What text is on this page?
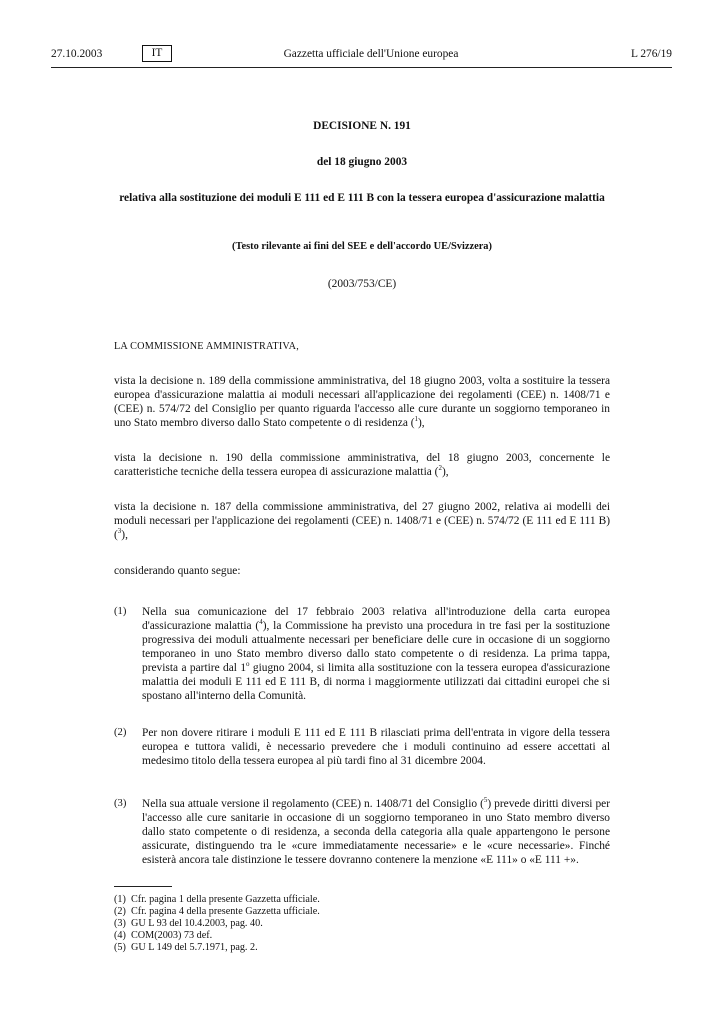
27.10.2003	IT	Gazzetta ufficiale dell'Unione europea	L 276/19
DECISIONE N. 191
del 18 giugno 2003
relativa alla sostituzione dei moduli E 111 ed E 111 B con la tessera europea d'assicurazione malattia
(Testo rilevante ai fini del SEE e dell'accordo UE/Svizzera)
(2003/753/CE)
LA COMMISSIONE AMMINISTRATIVA,
vista la decisione n. 189 della commissione amministrativa, del 18 giugno 2003, volta a sostituire la tessera europea d'assicurazione malattia ai moduli necessari all'applicazione dei regolamenti (CEE) n. 1408/71 e (CEE) n. 574/72 del Consiglio per quanto riguarda l'accesso alle cure durante un soggiorno temporaneo in uno Stato membro diverso dallo Stato competente o di residenza ($^1$),
vista la decisione n. 190 della commissione amministrativa, del 18 giugno 2003, concernente le caratteristiche tecniche della tessera europea di assicurazione malattia ($^2$),
vista la decisione n. 187 della commissione amministrativa, del 27 giugno 2002, relativa ai modelli dei moduli necessari per l'applicazione dei regolamenti (CEE) n. 1408/71 e (CEE) n. 574/72 (E 111 ed E 111 B) ($^3$),
considerando quanto segue:
(1) Nella sua comunicazione del 17 febbraio 2003 relativa all'introduzione della carta europea d'assicurazione malattia ($^4$), la Commissione ha previsto una procedura in tre fasi per la sostituzione progressiva dei moduli attualmente necessari per beneficiare delle cure in occasione di un soggiorno temporaneo in uno Stato membro diverso dallo stato competente o di residenza. La prima tappa, prevista a partire dal 1$^o$ giugno 2004, si limita alla sostituzione con la tessera europea d'assicurazione malattia dei moduli E 111 ed E 111 B, di norma i maggiormente utilizzati dai cittadini europei che si spostano all'interno della Comunità.
(2) Per non dovere ritirare i moduli E 111 ed E 111 B rilasciati prima dell'entrata in vigore della tessera europea e tuttora validi, è necessario prevedere che i moduli continuino ad essere accettati al medesimo titolo della tessera europea al più tardi fino al 31 dicembre 2004.
(3) Nella sua attuale versione il regolamento (CEE) n. 1408/71 del Consiglio ($^5$) prevede diritti diversi per l'accesso alle cure sanitarie in occasione di un soggiorno temporaneo in uno Stato membro diverso dallo stato competente o di residenza, a seconda della categoria alla quale appartengono le persone assicurate, distinguendo tra le «cure immediatamente necessarie» e le «cure necessarie». Finché esisterà ancora tale distinzione le tessere dovranno contenere la menzione «E 111» o «E 111 +».
(1) Cfr. pagina 1 della presente Gazzetta ufficiale.
(2) Cfr. pagina 4 della presente Gazzetta ufficiale.
(3) GU L 93 del 10.4.2003, pag. 40.
(4) COM(2003) 73 def.
(5) GU L 149 del 5.7.1971, pag. 2.
